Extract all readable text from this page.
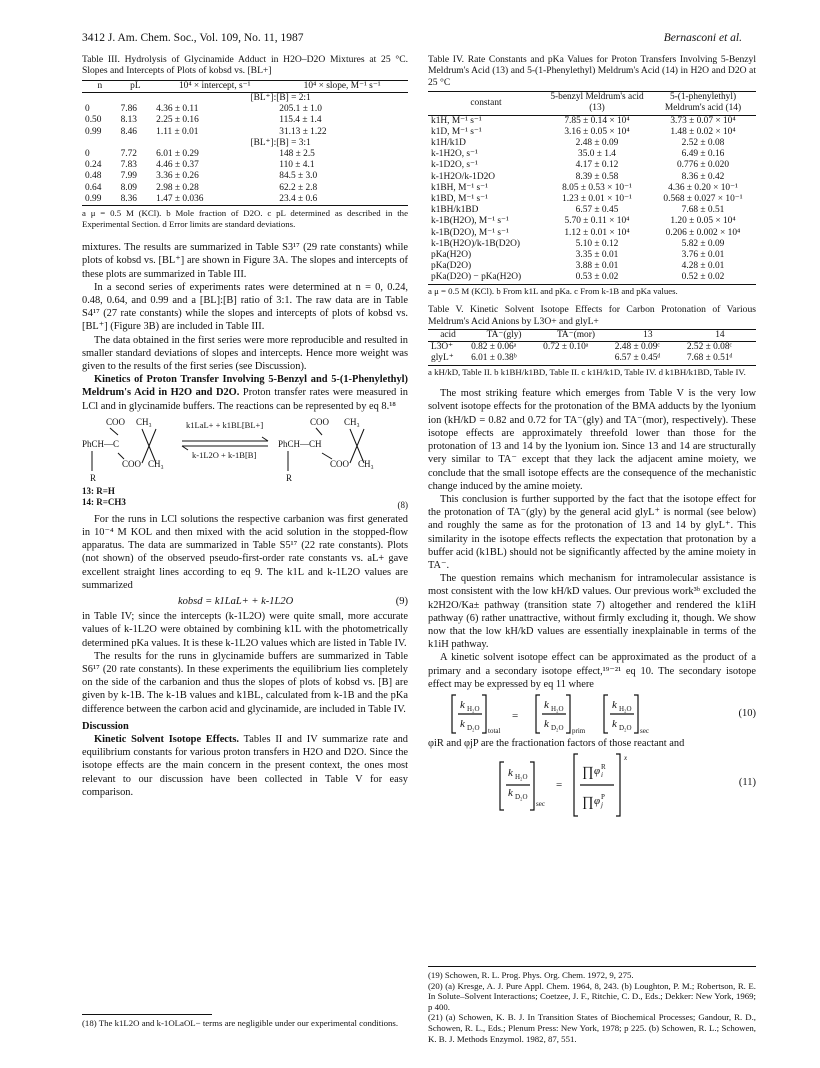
3412 J. Am. Chem. Soc., Vol. 109, No. 11, 1987	Bernasconi et al.

Table III. Hydrolysis of Glycinamide Adduct in H2O–D2O Mixtures at 25 °C. Slopes and Intercepts of Plots of kobsd vs. [BL+]

n	pL	10⁴ × intercept, s⁻¹	10⁴ × slope, M⁻¹ s⁻¹
		[BL⁺]:[B] = 2:1	
0	7.86	4.36 ± 0.11	205.1 ± 1.0
0.50	8.13	2.25 ± 0.16	115.4 ± 1.4
0.99	8.46	1.11 ± 0.01	31.13 ± 1.22
		[BL⁺]:[B] = 3:1	
0	7.72	6.01 ± 0.29	148 ± 2.5
0.24	7.83	4.46 ± 0.37	110 ± 4.1
0.48	7.99	3.36 ± 0.26	84.5 ± 3.0
0.64	8.09	2.98 ± 0.28	62.2 ± 2.8
0.99	8.36	1.47 ± 0.036	23.4 ± 0.6

a μ = 0.5 M (KCl). b Mole fraction of D2O. c pL determined as described in the Experimental Section. d Error limits are standard deviations.

mixtures. The results are summarized in Table S3¹⁷ (29 rate constants) while plots of kobsd vs. [BL⁺] are shown in Figure 3A. The slopes and intercepts of these plots are summarized in Table III.

In a second series of experiments rates were determined at n = 0, 0.24, 0.48, 0.64, and 0.99 and a [BL]:[B] ratio of 3:1. The raw data are in Table S4¹⁷ (27 rate constants) while the slopes and intercepts of plots of kobsd vs. [BL⁺] (Figure 3B) are included in Table III.

The data obtained in the first series were more reproducible and resulted in smaller standard deviations of slopes and intercepts. Hence more weight was given to the results of the first series (see Discussion).

Kinetics of Proton Transfer Involving 5-Benzyl and 5-(1-Phenylethyl) Meldrum's Acid in H2O and D2O. Proton transfer rates were measured in LCl and in glycinamide buffers. The reactions can be represented by eq 8.¹⁸

COO CH₃
PhCH—C
COO CH₃
R
COO CH₃
PhCH—CH
COO CH₃
R
k1LaL+ + k1BL[BL+]
k-1L2O + k-1B[B]
13: R=H
14: R=CH3	(8)

For the runs in LCl solutions the respective carbanion was first generated in 10⁻⁴ M KOL and then mixed with the acid solution in the stopped-flow apparatus. The data are summarized in Table S5¹⁷ (22 rate constants). Plots (not shown) of the observed pseudo-first-order rate constants vs. aL+ gave excellent straight lines according to eq 9. The k1L and k-1L2O values are summarized

kobsd = k1LaL+ + k-1L2O	(9)

in Table IV; since the intercepts (k-1L2O) were quite small, more accurate values of k-1L2O were obtained by combining k1L with the photometrically determined pKa values. It is these k-1L2O values which are listed in Table IV.

The results for the runs in glycinamide buffers are summarized in Table S6¹⁷ (20 rate constants). In these experiments the equilibrium lies completely on the side of the carbanion and thus the slopes of plots of kobsd vs. [B] are given by k-1B. The k-1B values and k1BL, calculated from k-1B and the pKa difference between the carbon acid and glycinamide, are included in Table IV.

Discussion

Kinetic Solvent Isotope Effects. Tables II and IV summarize rate and equilibrium constants for various proton transfers in H2O and D2O. Since the isotope effects are the main concern in the present context, the ones most relevant to our discussion have been collected in Table V for easy comparison.

(18) The k1L2O and k-1OLaOL− terms are negligible under our experimental conditions.

Table IV. Rate Constants and pKa Values for Proton Transfers Involving 5-Benzyl Meldrum's Acid (13) and 5-(1-Phenylethyl) Meldrum's Acid (14) in H2O and D2O at 25 °C

constant	5-benzyl Meldrum's acid (13)	5-(1-phenylethyl) Meldrum's acid (14)
k1H, M⁻¹ s⁻¹	7.85 ± 0.14 × 10⁴	3.73 ± 0.07 × 10⁴
k1D, M⁻¹ s⁻¹	3.16 ± 0.05 × 10⁴	1.48 ± 0.02 × 10⁴
k1H/k1D	2.48 ± 0.09	2.52 ± 0.08
k-1H2O, s⁻¹	35.0 ± 1.4	6.49 ± 0.16
k-1D2O, s⁻¹	4.17 ± 0.12	0.776 ± 0.020
k-1H2O/k-1D2O	8.39 ± 0.58	8.36 ± 0.42
k1BH, M⁻¹ s⁻¹	8.05 ± 0.53 × 10⁻¹	4.36 ± 0.20 × 10⁻¹
k1BD, M⁻¹ s⁻¹	1.23 ± 0.01 × 10⁻¹	0.568 ± 0.027 × 10⁻¹
k1BH/k1BD	6.57 ± 0.45	7.68 ± 0.51
k-1B(H2O), M⁻¹ s⁻¹	5.70 ± 0.11 × 10⁴	1.20 ± 0.05 × 10⁴
k-1B(D2O), M⁻¹ s⁻¹	1.12 ± 0.01 × 10⁴	0.206 ± 0.002 × 10⁴
k-1B(H2O)/k-1B(D2O)	5.10 ± 0.12	5.82 ± 0.09
pKa(H2O)	3.35 ± 0.01	3.76 ± 0.01
pKa(D2O)	3.88 ± 0.01	4.28 ± 0.01
pKa(D2O) − pKa(H2O)	0.53 ± 0.02	0.52 ± 0.02

a μ = 0.5 M (KCl). b From k1L and pKa. c From k-1B and pKa values.

Table V. Kinetic Solvent Isotope Effects for Carbon Protonation of Various Meldrum's Acid Anions by L3O+ and glyL+

acid	TA⁻(gly)	TA⁻(mor)	13	14
L3O⁺	0.82 ± 0.06ᵃ	0.72 ± 0.10ᵃ	2.48 ± 0.09ᶜ	2.52 ± 0.08ᶜ
glyL⁺	6.01 ± 0.38ᵇ		6.57 ± 0.45ᵈ	7.68 ± 0.51ᵈ

a kH/kD, Table II. b k1BH/k1BD, Table II. c k1H/k1D, Table IV. d k1BH/k1BD, Table IV.

The most striking feature which emerges from Table V is the very low solvent isotope effects for the protonation of the BMA adducts by the lyonium ion (kH/kD = 0.82 and 0.72 for TA⁻(gly) and TA⁻(mor), respectively). These isotope effects are approximately threefold lower than those for the protonation of 13 and 14 by the lyonium ion. Since 13 and 14 are structurally very similar to TA⁻ except that they lack the adjacent amine moiety, we conclude that the small isotope effects are the consequence of the mechanistic change induced by the amine moiety.

This conclusion is further supported by the fact that the isotope effect for the protonation of TA⁻(gly) by the general acid glyL⁺ is normal (see below) and roughly the same as for the protonation of 13 and 14 by glyL⁺. This similarity in the isotope effects reflects the expectation that protonation by a buffer acid (k1BL) should not be significantly affected by the amine moiety in TA⁻.

The question remains which mechanism for intramolecular assistance is most consistent with the low kH/kD values. Our previous work³ᵇ excluded the k2H2O/Ka± pathway (transition state 7) altogether and rendered the k1iH pathway (6) rather unattractive, without firmly excluding it, though. We show now that the low kH/kD values are essentially inexplainable in terms of the k1iH pathway.

A kinetic solvent isotope effect can be approximated as the product of a primary and a secondary isotope effect,¹⁹⁻²¹ eq 10. The secondary isotope effect may be expressed by eq 11 where

k H₂O
k D₂O total
=
k H₂O
k D₂O prim
k H₂O
k D₂O sec
(10)

φiR and φjP are the fractionation factors of those reactant and

k H₂O
k D₂O
sec
=
∏ φ R
i
∏ φ P
j
x
(11)

(19) Schowen, R. L. Prog. Phys. Org. Chem. 1972, 9, 275.

(20) (a) Kresge, A. J. Pure Appl. Chem. 1964, 8, 243. (b) Loughton, P. M.; Robertson, R. E. In Solute–Solvent Interactions; Coetzee, J. F., Ritchie, C. D., Eds.; Dekker: New York, 1969; p 400.

(21) (a) Schowen, K. B. J. In Transition States of Biochemical Processes; Gandour, R. D., Schowen, R. L., Eds.; Plenum Press: New York, 1978; p 225. (b) Schowen, R. L.; Schowen, K. B. J. Methods Enzymol. 1982, 87, 551.
